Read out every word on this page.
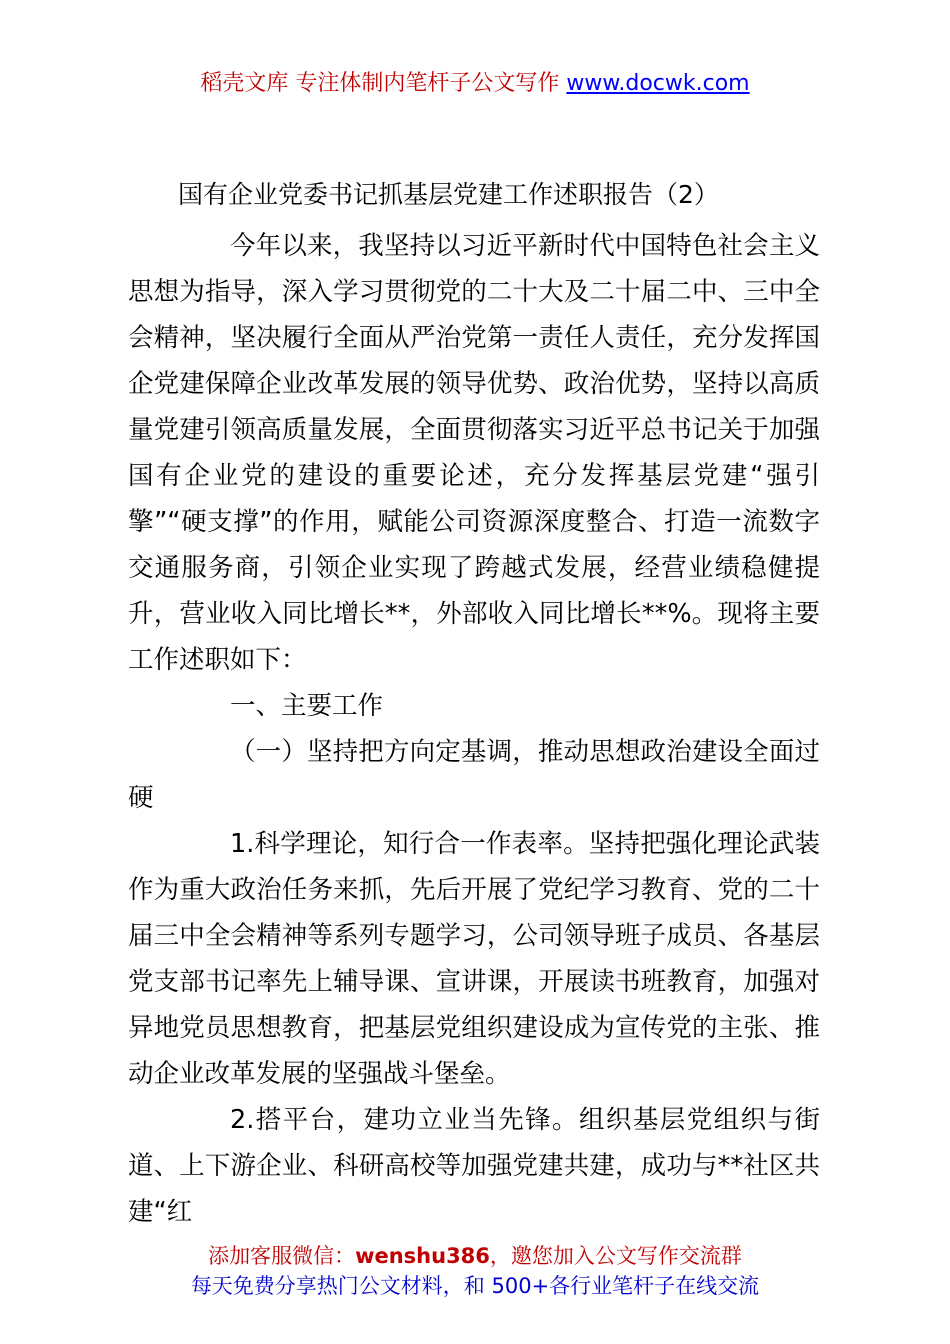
稻壳文库 专注体制内笔杆子公文写作 www.docwk.com
国有企业党委书记抓基层党建工作述职报告（2）

今年以来，我坚持以习近平新时代中国特色社会主义思想为指导，深入学习贯彻党的二十大及二十届二中、三中全会精神，坚决履行全面从严治党第一责任人责任，充分发挥国企党建保障企业改革发展的领导优势、政治优势，坚持以高质量党建引领高质量发展，全面贯彻落实习近平总书记关于加强国有企业党的建设的重要论述，充分发挥基层党建“强引擎”“硬支撑”的作用，赋能公司资源深度整合、打造一流数字交通服务商，引领企业实现了跨越式发展，经营业绩稳健提升，营业收入同比增长**，外部收入同比增长**%。现将主要工作述职如下：

一、主要工作

（一）坚持把方向定基调，推动思想政治建设全面过硬

1.科学理论，知行合一作表率。坚持把强化理论武装作为重大政治任务来抓，先后开展了党纪学习教育、党的二十届三中全会精神等系列专题学习，公司领导班子成员、各基层党支部书记率先上辅导课、宣讲课，开展读书班教育，加强对异地党员思想教育，把基层党组织建设成为宣传党的主张、推动企业改革发展的坚强战斗堡垒。

2.搭平台，建功立业当先锋。组织基层党组织与街道、上下游企业、科研高校等加强党建共建，成功与**社区共建“红

添加客服微信：wenshu386，邀您加入公文写作交流群
每天免费分享热门公文材料，和 500+各行业笔杆子在线交流
